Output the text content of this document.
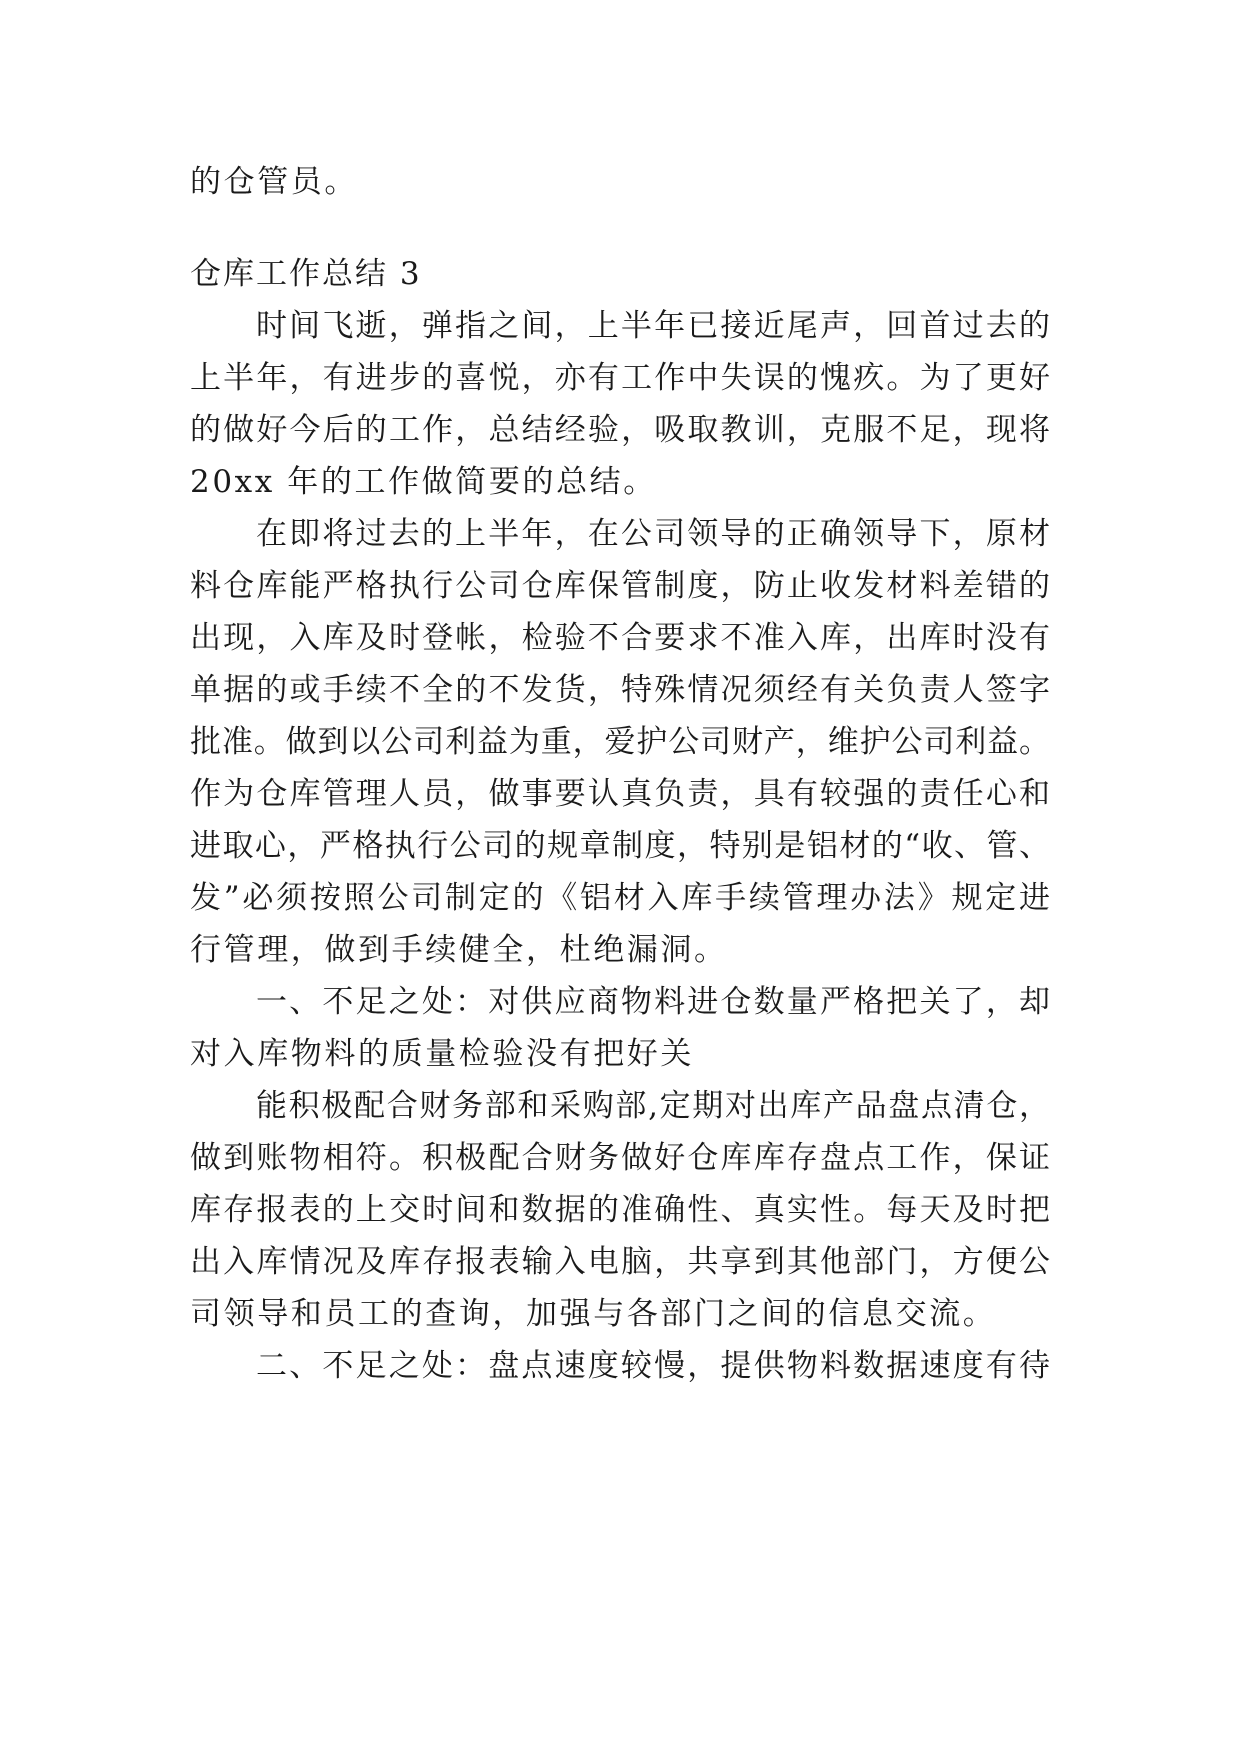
的仓管员。

仓库工作总结 3

时间飞逝，弹指之间，上半年已接近尾声，回首过去的

上半年，有进步的喜悦，亦有工作中失误的愧疚。为了更好

的做好今后的工作，总结经验，吸取教训，克服不足，现将

20xx 年的工作做简要的总结。

在即将过去的上半年，在公司领导的正确领导下，原材

料仓库能严格执行公司仓库保管制度，防止收发材料差错的

出现，入库及时登帐，检验不合要求不准入库，出库时没有

单据的或手续不全的不发货，特殊情况须经有关负责人签字

批准。做到以公司利益为重，爱护公司财产，维护公司利益。

作为仓库管理人员，做事要认真负责，具有较强的责任心和

进取心，严格执行公司的规章制度，特别是铝材的“收、管、

发”必须按照公司制定的《铝材入库手续管理办法》规定进

行管理，做到手续健全，杜绝漏洞。

一、不足之处：对供应商物料进仓数量严格把关了，却

对入库物料的质量检验没有把好关

能积极配合财务部和采购部,定期对出库产品盘点清仓，

做到账物相符。积极配合财务做好仓库库存盘点工作，保证

库存报表的上交时间和数据的准确性、真实性。每天及时把

出入库情况及库存报表输入电脑，共享到其他部门，方便公

司领导和员工的查询，加强与各部门之间的信息交流。

二、不足之处：盘点速度较慢，提供物料数据速度有待
